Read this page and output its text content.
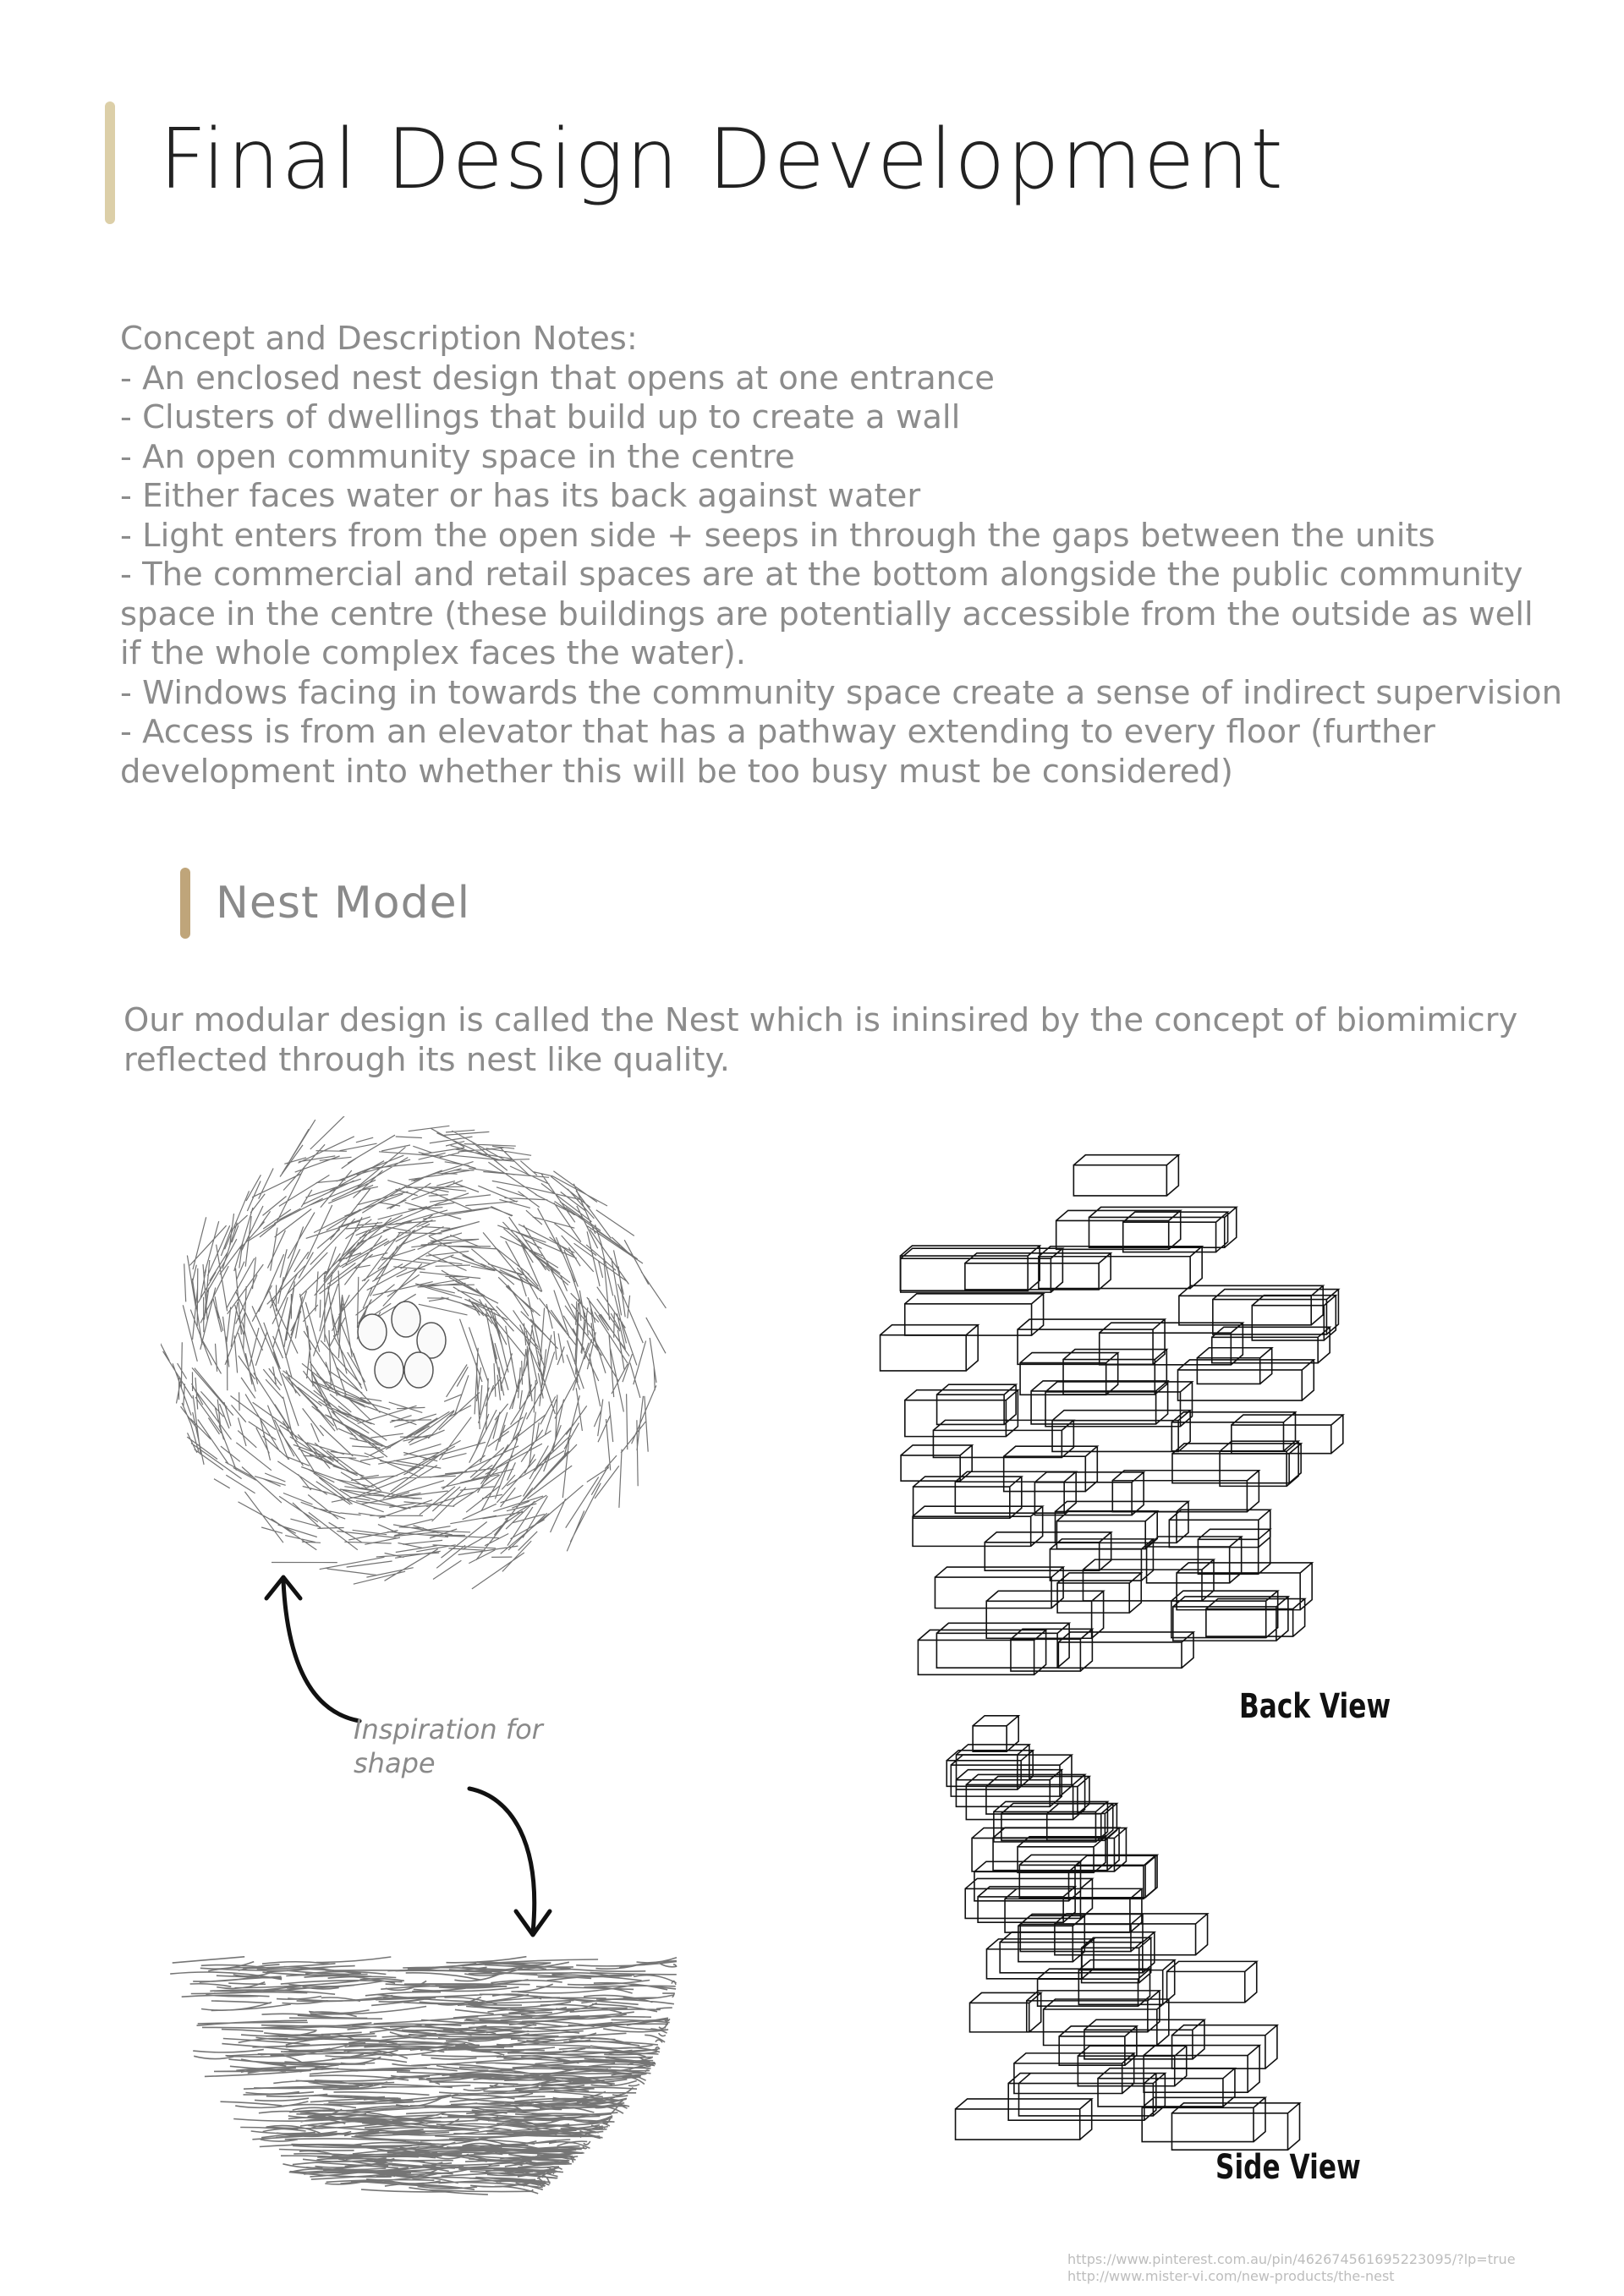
Final Design Development
Concept and Description Notes:
- An enclosed nest design that opens at one entrance
- Clusters of dwellings that build up to create a wall
- An open community space in the centre
- Either faces water or has its back against water
- Light enters from the open side + seeps in through the gaps between the units
- The commercial and retail spaces are at the bottom alongside the public community space in the centre (these buildings are potentially accessible from the outside as well if the whole complex faces the water).
- Windows facing in towards the community space create a sense of indirect supervision
- Access is from an elevator that has a pathway extending to every floor (further development into whether this will be too busy must be considered)
Nest Model
Our modular design is called the Nest which is ininsired by the concept of biomimicry reflected through its nest like quality.
Inspiration for shape
Back View
Side View
https://www.pinterest.com.au/pin/462674561695223095/?lp=true
http://www.mister-vi.com/new-products/the-nest
